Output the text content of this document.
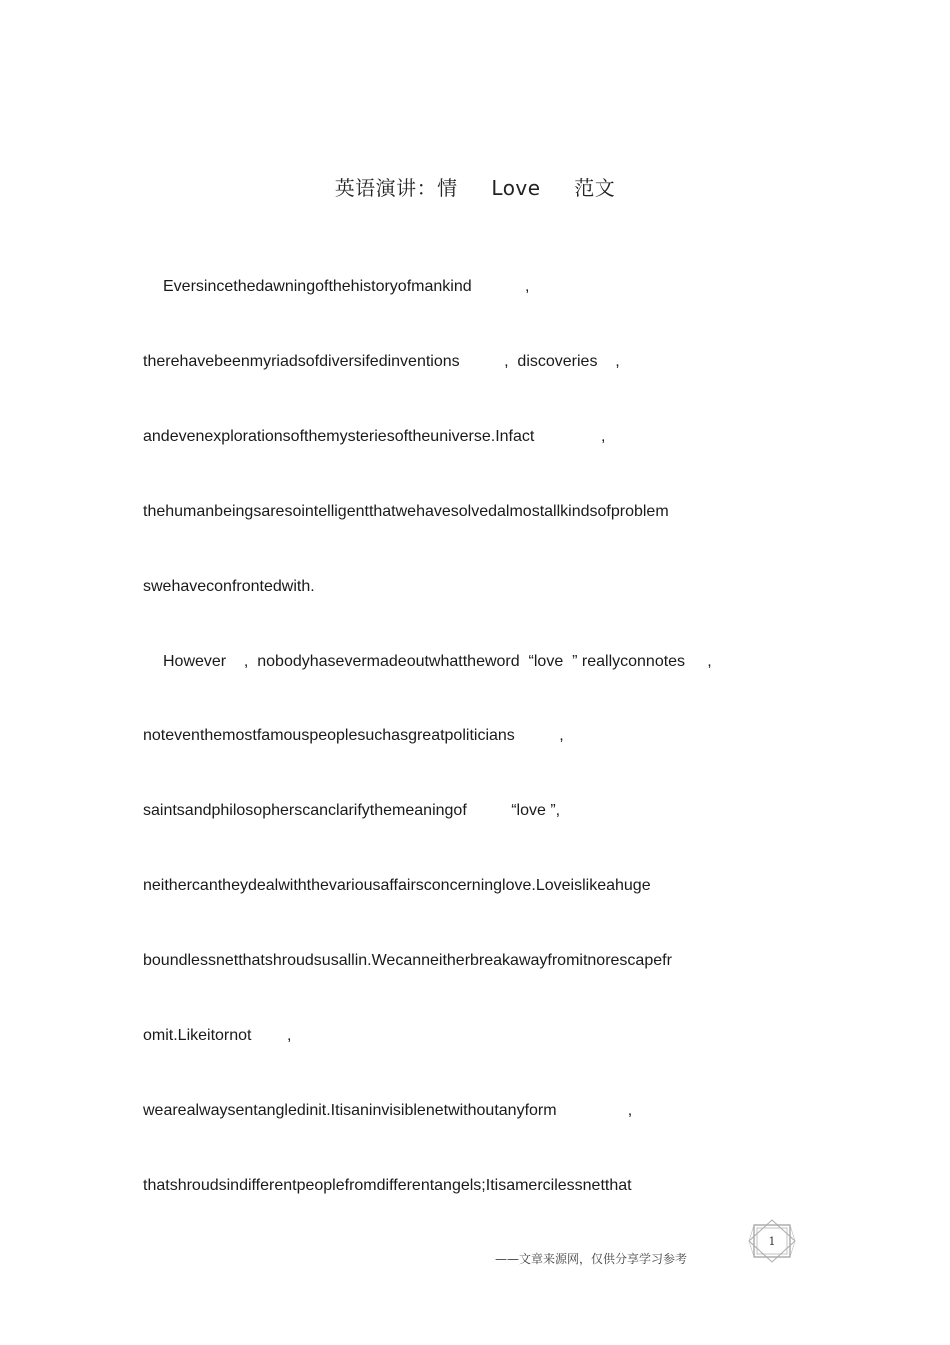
英语演讲：情  Love  范文
Eversincethedawningofthehistoryofmankind            ,
therehavebeenmyriadsofdiversifedinventions          ,  discoveries    ,
andevenexplorationsofthemysteriesoftheuniverse.Infact               ,
thehumanbeingsaresointelligentthatwehavesolvedalmostallkindsofproblem
swehaveconfrontedwith.
However    ,  nobodyhasevermadeoutwhattheword  “love  ” reallyconnotes     ,
noteventhemostfamouspeoplesuchasgreatpoliticians          ,
saintsandphilosopherscanclarifythemeaningof          “love ”,
neithercantheydealwiththevariousaffairsconcerninglove.Loveislikeahuge
boundlessnetthatshroudsusallin.Wecanneitherbreakawayfromitnorescapefr
omit.Likeitornot        ,
wearealwaysentangledinit.Itisaninvisiblenetwithoutanyform                ,
thatshroudsindifferentpeoplefromdifferentangels;Itisamercilessnetthat
——文章来源网，仅供分享学习参考
1
